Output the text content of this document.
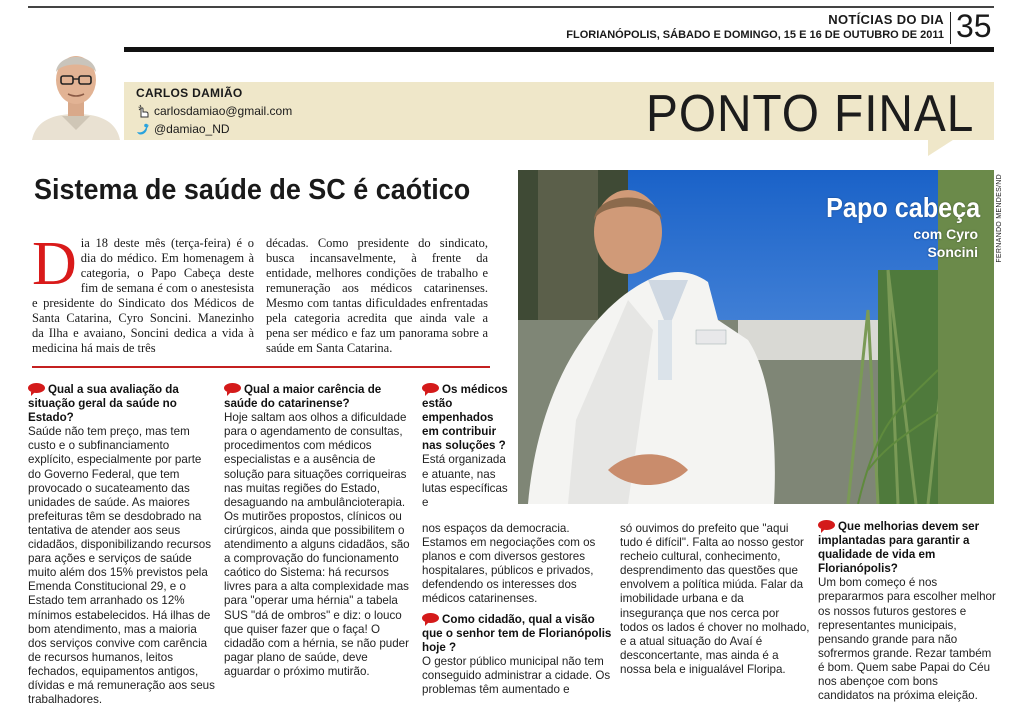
NOTÍCIAS DO DIA
FLORIANÓPOLIS, SÁBADO E DOMINGO, 15 E 16 DE OUTUBRO DE 2011 35
CARLOS DAMIÃO
carlosdamiao@gmail.com
@damiao_ND	PONTO FINAL
Sistema de saúde de SC é caótico
D ia 18 deste mês (terça-feira) é o dia do médico. Em homenagem à categoria, o Papo Cabeça deste fim de semana é com o anestesista e presidente do Sindicato dos Médicos de Santa Catarina, Cyro Soncini. Manezinho da Ilha e avaiano, Soncini dedica a vida à medicina há mais de três
décadas. Como presidente do sindicato, busca incansavelmente, à frente da entidade, melhores condições de trabalho e remuneração aos médicos catarinenses. Mesmo com tantas dificuldades enfrentadas pela categoria acredita que ainda vale a pena ser médico e faz um panorama sobre a saúde em Santa Catarina.
FERNANDO MENDES/ND
Papo cabeça
com Cyro
Soncini
Qual a sua avaliação da situação geral da saúde no Estado?
Saúde não tem preço, mas tem custo e o subfinanciamento explícito, especialmente por parte do Governo Federal, que tem provocado o sucateamento das unidades de saúde. As maiores prefeituras têm se desdobrado na tentativa de atender aos seus cidadãos, disponibilizando recursos para ações e serviços de saúde muito além dos 15% previstos pela Emenda Constitucional 29, e o Estado tem arranhado os 12% mínimos estabelecidos. Há ilhas de bom atendimento, mas a maioria dos serviços convive com carência de recursos humanos, leitos fechados, equipamentos antigos, dívidas e má remuneração aos seus trabalhadores.
Qual a maior carência de saúde do catarinense?
Hoje saltam aos olhos a dificuldade para o agendamento de consultas, procedimentos com médicos especialistas e a ausência de solução para situações corriqueiras nas muitas regiões do Estado, desaguando na ambulâncioterapia. Os mutirões propostos, clínicos ou cirúrgicos, ainda que possibilitem o atendimento a alguns cidadãos, são a comprovação do funcionamento caótico do Sistema: há recursos livres para a alta complexidade mas para "operar uma hérnia" a tabela SUS "dá de ombros" e diz: o louco que quiser fazer que o faça! O cidadão com a hérnia, se não puder pagar plano de saúde, deve aguardar o próximo mutirão.
Os médicos estão empenhados em contribuir nas soluções ?
Está organizada e atuante, nas lutas específicas e
nos espaços da democracia. Estamos em negociações com os planos e com diversos gestores hospitalares, públicos e privados, defendendo os interesses dos médicos catarinenses.
Como cidadão, qual a visão que o senhor tem de Florianópolis hoje ?
O gestor público municipal não tem conseguido administrar a cidade. Os problemas têm aumentado e
só ouvimos do prefeito que "aqui tudo é difícil". Falta ao nosso gestor recheio cultural, conhecimento, desprendimento das questões que envolvem a política miúda. Falar da imobilidade urbana e da insegurança que nos cerca por todos os lados é chover no molhado, e a atual situação do Avaí é desconcertante, mas ainda é a nossa bela e inigualável Floripa.
Que melhorias devem ser implantadas para garantir a qualidade de vida em Florianópolis?
Um bom começo é nos prepararmos para escolher melhor os nossos futuros gestores e representantes municipais, pensando grande para não sofrermos grande. Rezar também é bom. Quem sabe Papai do Céu nos abençoe com bons candidatos na próxima eleição.
